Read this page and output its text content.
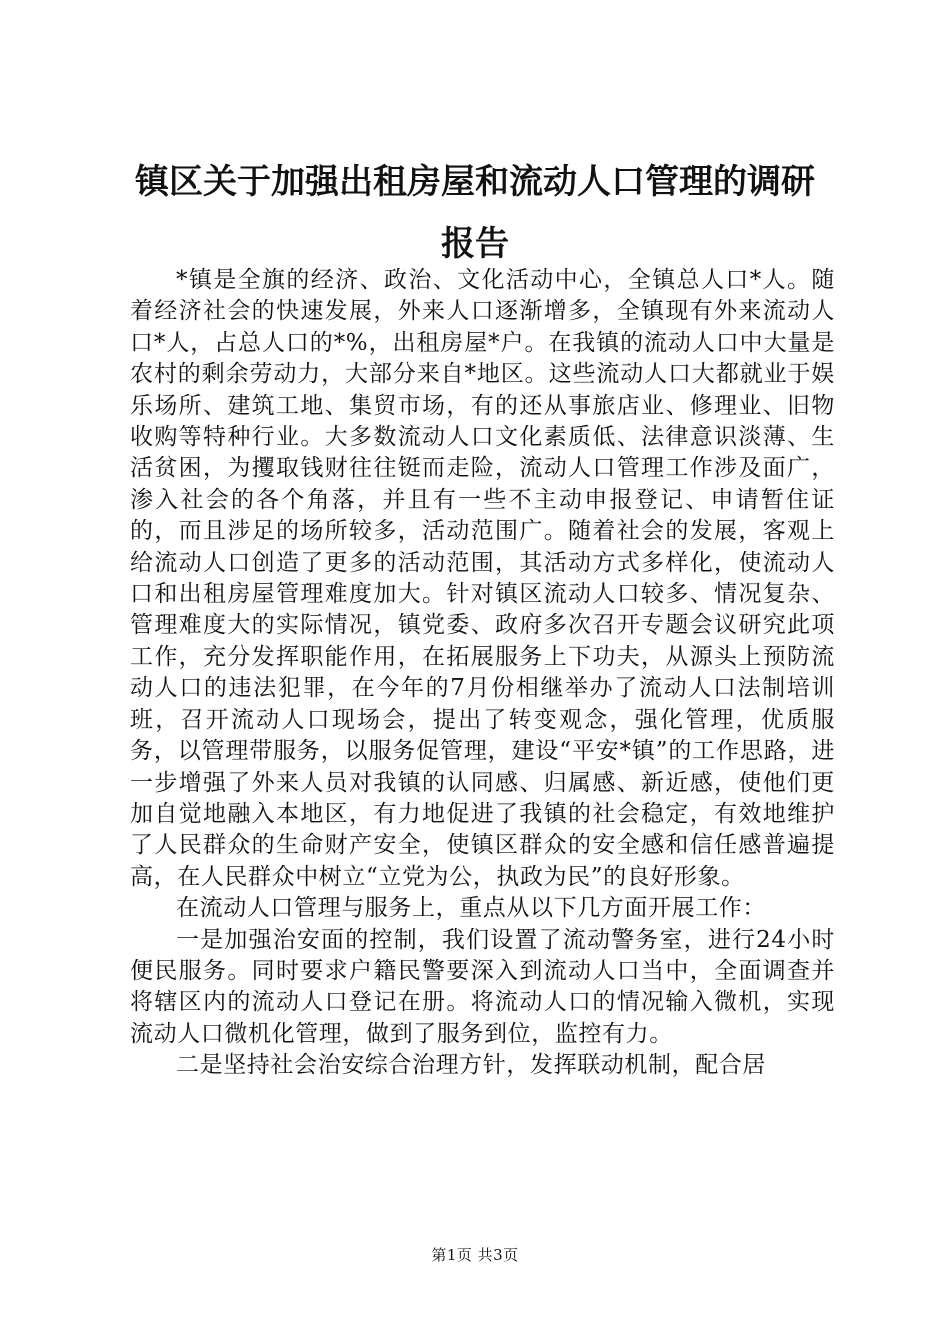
镇区关于加强出租房屋和流动人口管理的调研
报告

*镇是全旗的经济、政治、文化活动中心，全镇总人口*人。随着经济社会的快速发展，外来人口逐渐增多，全镇现有外来流动人口*人，占总人口的*%，出租房屋*户。在我镇的流动人口中大量是农村的剩余劳动力，大部分来自*地区。这些流动人口大都就业于娱乐场所、建筑工地、集贸市场，有的还从事旅店业、修理业、旧物收购等特种行业。大多数流动人口文化素质低、法律意识淡薄、生活贫困，为攫取钱财往往铤而走险，流动人口管理工作涉及面广，渗入社会的各个角落，并且有一些不主动申报登记、申请暂住证的，而且涉足的场所较多，活动范围广。随着社会的发展，客观上给流动人口创造了更多的活动范围，其活动方式多样化，使流动人口和出租房屋管理难度加大。针对镇区流动人口较多、情况复杂、管理难度大的实际情况，镇党委、政府多次召开专题会议研究此项工作，充分发挥职能作用，在拓展服务上下功夫，从源头上预防流动人口的违法犯罪，在今年的7月份相继举办了流动人口法制培训班，召开流动人口现场会，提出了转变观念，强化管理，优质服务，以管理带服务，以服务促管理，建设“平安*镇”的工作思路，进一步增强了外来人员对我镇的认同感、归属感、新近感，使他们更加自觉地融入本地区，有力地促进了我镇的社会稳定，有效地维护了人民群众的生命财产安全，使镇区群众的安全感和信任感普遍提高，在人民群众中树立“立党为公，执政为民”的良好形象。

在流动人口管理与服务上，重点从以下几方面开展工作：

一是加强治安面的控制，我们设置了流动警务室，进行24小时便民服务。同时要求户籍民警要深入到流动人口当中，全面调查并将辖区内的流动人口登记在册。将流动人口的情况输入微机，实现流动人口微机化管理，做到了服务到位，监控有力。

二是坚持社会治安综合治理方针，发挥联动机制，配合居

第1页 共3页
